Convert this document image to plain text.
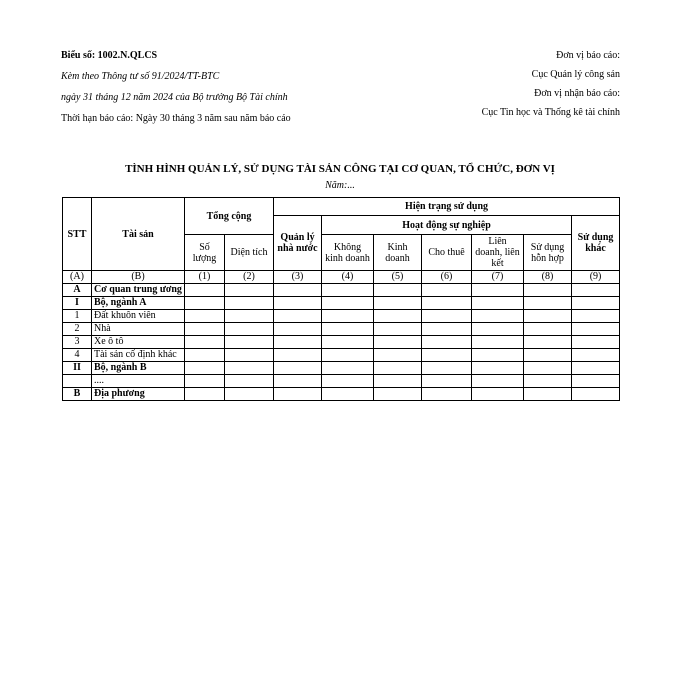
Biểu số: 1002.N.QLCS
Kèm theo Thông tư số 91/2024/TT-BTC
ngày 31 tháng 12 năm 2024 của Bộ trưởng Bộ Tài chính
Thời hạn báo cáo: Ngày 30 tháng 3 năm sau năm báo cáo
Đơn vị báo cáo:
Cục Quản lý công sản
Đơn vị nhận báo cáo:
Cục Tin học và Thống kê tài chính
TÌNH HÌNH QUẢN LÝ, SỬ DỤNG TÀI SẢN CÔNG TẠI CƠ QUAN, TỔ CHỨC, ĐƠN VỊ
Năm:...
STT	Tài sản	Tổng cộng		Hiện trạng sử dụng						
				Quản lý nhà nước	Hoạt động sự nghiệp					Sử dụng khác
		Số lượng	Diện tích		Không kinh doanh	Kinh doanh	Cho thuê	Liên doanh, liên kết	Sử dụng hỗn hợp	
(A)	(B)	(1)	(2)	(3)	(4)	(5)	(6)	(7)	(8)	(9)
A	Cơ quan trung ương									
I	Bộ, ngành A									
1	Đất khuôn viên									
2	Nhà									
3	Xe ô tô									
4	Tài sản cố định khác									
II	Bộ, ngành B									
	....									
B	Địa phương									
